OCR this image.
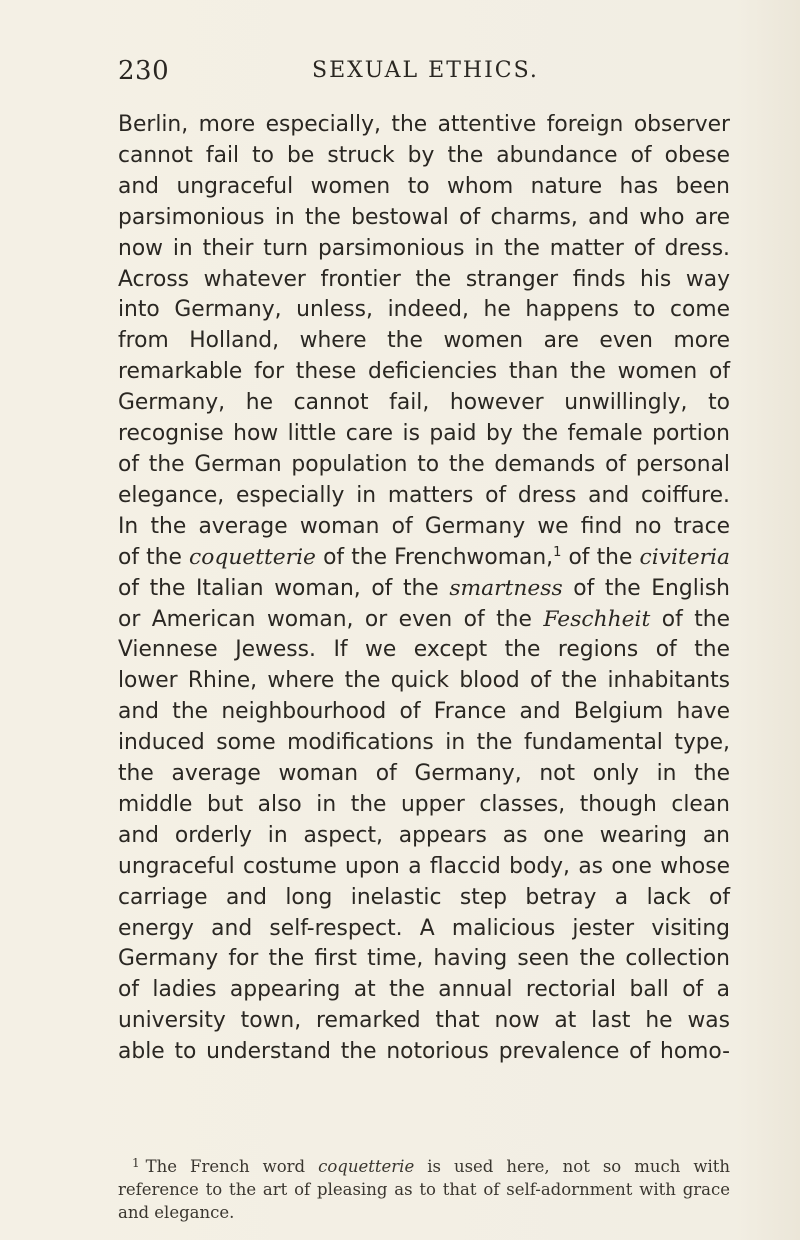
230	SEXUAL ETHICS.
Berlin, more especially, the attentive foreign observer
cannot fail to be struck by the abundance of obese
and ungraceful women to whom nature has been
parsimonious in the bestowal of charms, and who are
now in their turn parsimonious in the matter of dress.
Across whatever frontier the stranger finds his way
into Germany, unless, indeed, he happens to come
from Holland, where the women are even more
remarkable for these deficiencies than the women of
Germany, he cannot fail, however unwillingly, to
recognise how little care is paid by the female portion
of the German population to the demands of personal
elegance, especially in matters of dress and coiffure.
In the average woman of Germany we find no trace
of the coquetterie of the Frenchwoman,$^1$ of the civiteria
of the Italian woman, of the smartness of the English
or American woman, or even of the Feschheit of the
Viennese Jewess. If we except the regions of the
lower Rhine, where the quick blood of the inhabitants
and the neighbourhood of France and Belgium have
induced some modifications in the fundamental type,
the average woman of Germany, not only in the
middle but also in the upper classes, though clean
and orderly in aspect, appears as one wearing an
ungraceful costume upon a flaccid body, as one whose
carriage and long inelastic step betray a lack of
energy and self-respect. A malicious jester visiting
Germany for the first time, having seen the collection
of ladies appearing at the annual rectorial ball of a
university town, remarked that now at last he was
able to understand the notorious prevalence of homo-
$^1$ The French word coquetterie is used here, not so much with
reference to the art of pleasing as to that of self-adornment with grace
and elegance.
